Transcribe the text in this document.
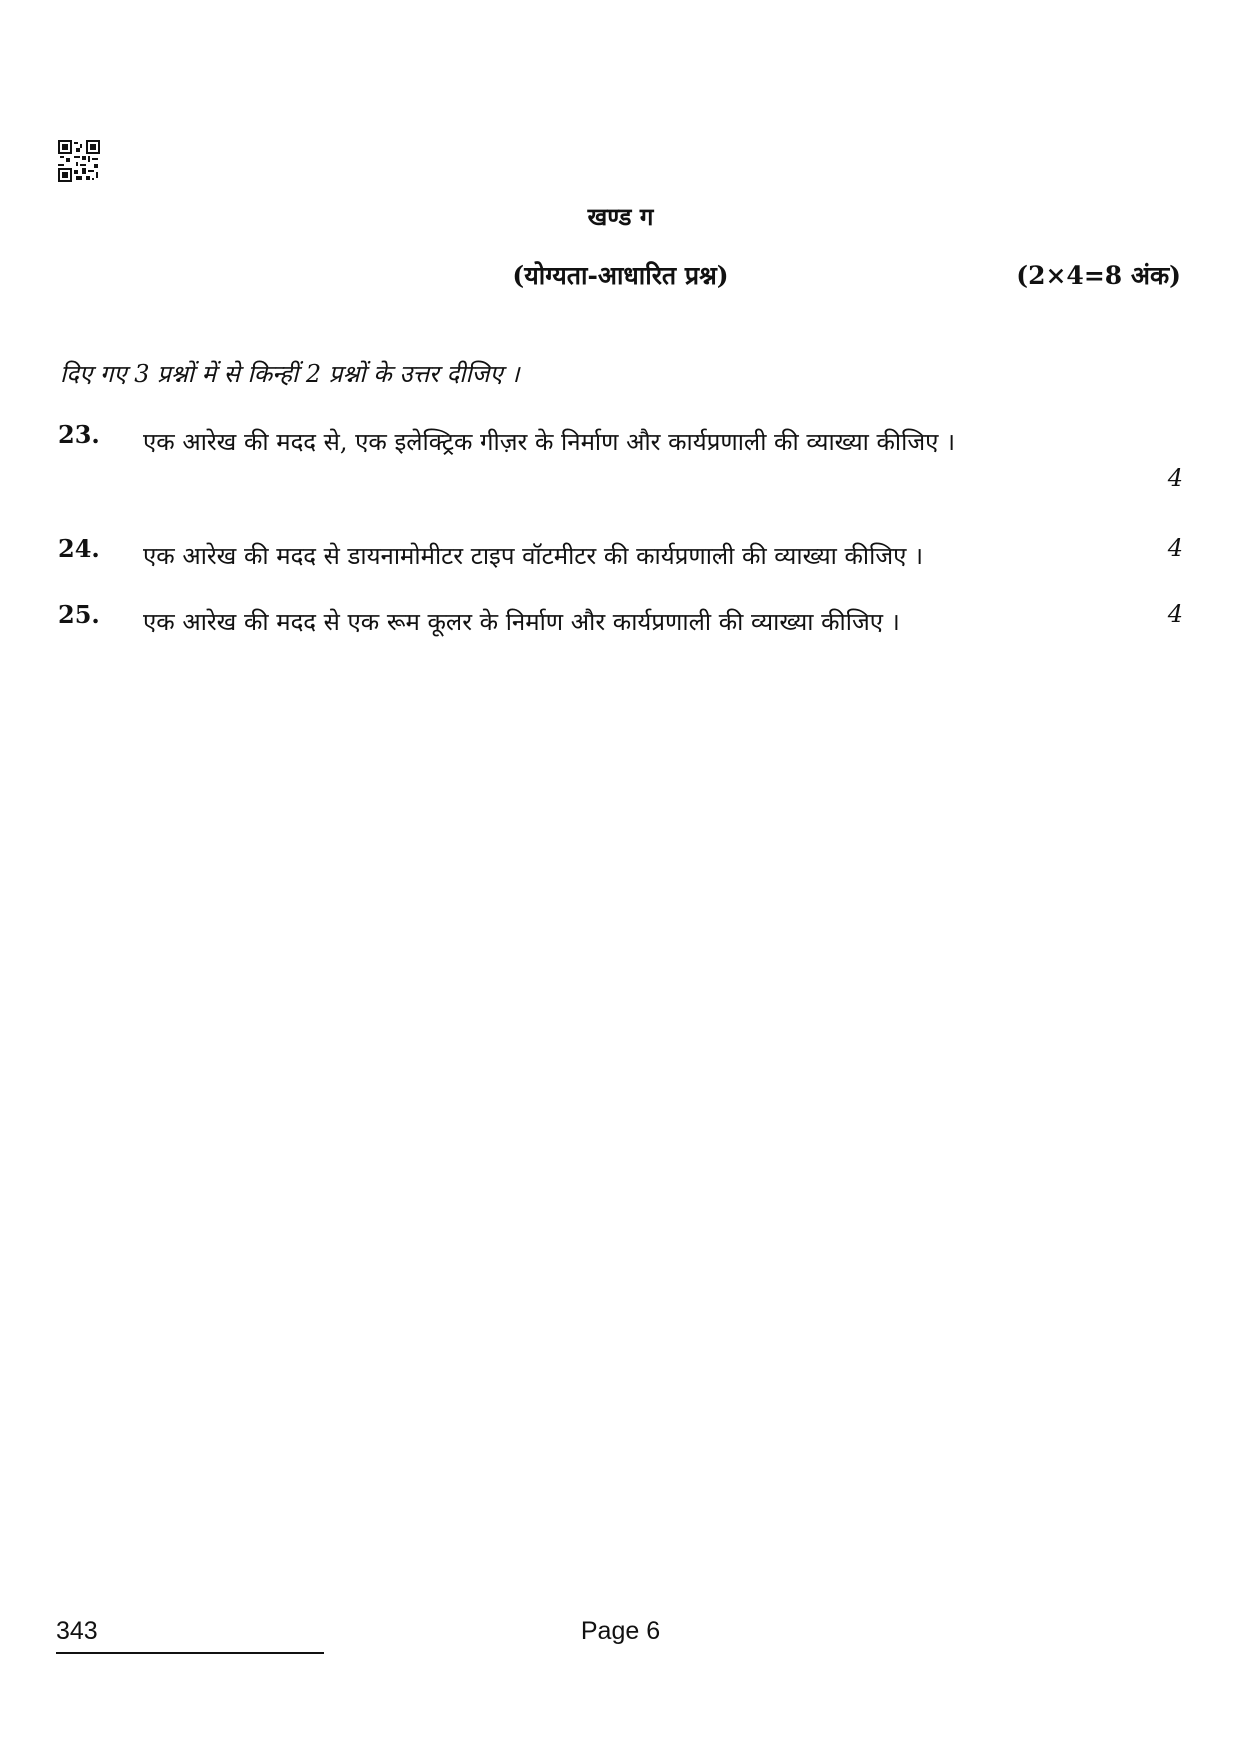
खण्ड ग
(योग्यता-आधारित प्रश्न)	(2×4=8 अंक)
दिए गए 3 प्रश्नों में से किन्हीं 2 प्रश्नों के उत्तर दीजिए ।
23. एक आरेख की मदद से, एक इलेक्ट्रिक गीज़र के निर्माण और कार्यप्रणाली की व्याख्या कीजिए ।
4
24. एक आरेख की मदद से डायनामोमीटर टाइप वॉटमीटर की कार्यप्रणाली की व्याख्या कीजिए ।	4
25. एक आरेख की मदद से एक रूम कूलर के निर्माण और कार्यप्रणाली की व्याख्या कीजिए ।	4
343	Page 6
